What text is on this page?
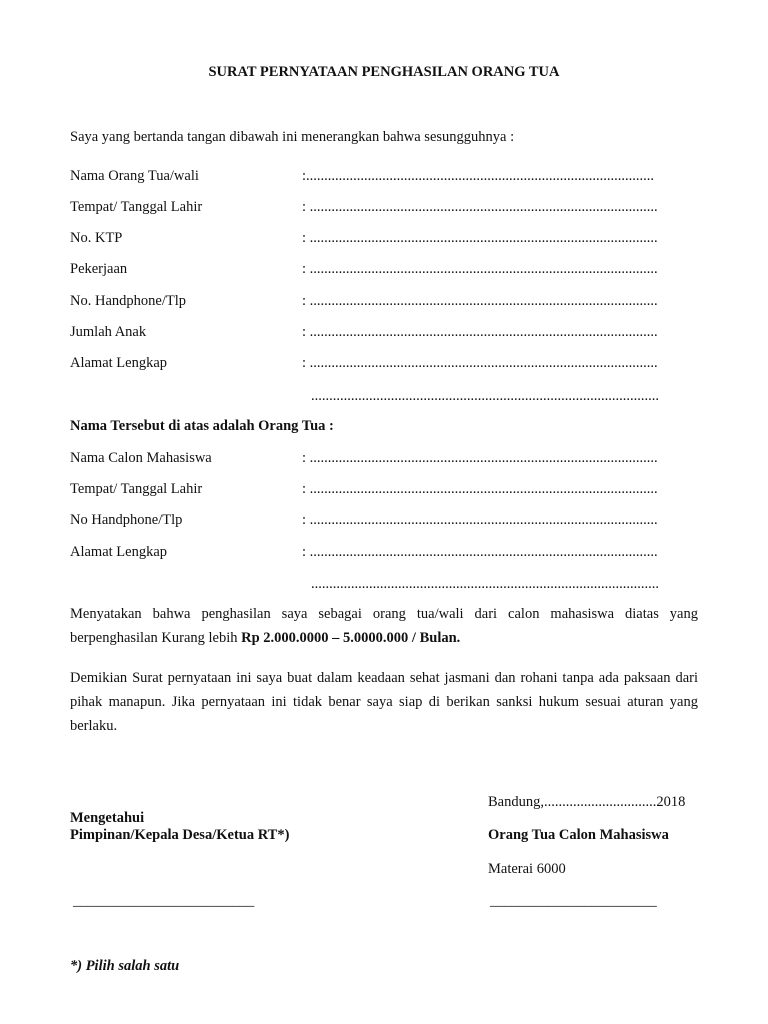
SURAT PERNYATAAN PENGHASILAN ORANG TUA
Saya yang bertanda tangan dibawah ini menerangkan bahwa sesungguhnya :
Nama Orang Tua/wali	:................................................................................................
Tempat/ Tanggal Lahir	: ................................................................................................
No. KTP	: ................................................................................................
Pekerjaan	: ................................................................................................
No. Handphone/Tlp	: ................................................................................................
Jumlah Anak	: ................................................................................................
Alamat Lengkap	: ................................................................................................
................................................................................................
Nama Tersebut di atas adalah Orang Tua :
Nama Calon Mahasiswa	: ................................................................................................
Tempat/ Tanggal Lahir	: ................................................................................................
No Handphone/Tlp	: ................................................................................................
Alamat Lengkap	: ................................................................................................
................................................................................................
Menyatakan bahwa penghasilan saya sebagai orang tua/wali dari calon mahasiswa diatas yang berpenghasilan Kurang lebih Rp 2.000.0000 – 5.0000.000 / Bulan.
Demikian Surat pernyataan ini saya buat dalam keadaan sehat jasmani dan rohani tanpa ada paksaan dari pihak manapun. Jika pernyataan ini tidak benar saya siap di berikan sanksi hukum sesuai aturan yang berlaku.
Bandung,...............................2018
Mengetahui
Pimpinan/Kepala Desa/Ketua RT*)	Orang Tua Calon Mahasiswa
Materai 6000
_________________________	_______________________
*) Pilih salah satu
